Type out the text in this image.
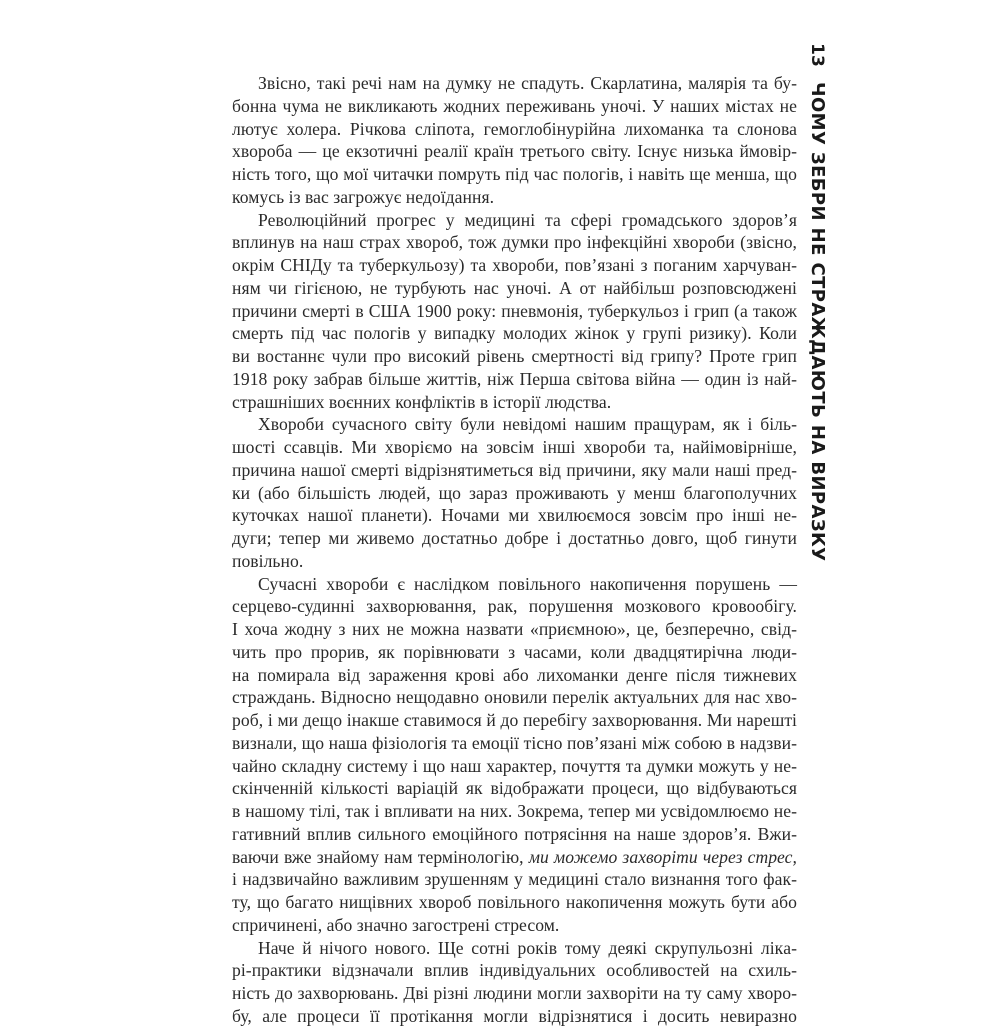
13
ЧОМУ ЗЕБРИ НЕ СТРАЖДАЮТЬ НА ВИРАЗКУ
Звісно, такі речі нам на думку не спадуть. Скарлатина, малярія та бу-
бонна чума не викликають жодних переживань уночі. У наших містах не
лютує холера. Річкова сліпота, гемоглобінурійна лихоманка та слонова
хвороба — це екзотичні реалії країн третього світу. Існує низька ймовір-
ність того, що мої читачки помруть під час пологів, і навіть ще менша, що
комусь із вас загрожує недоїдання.
Революційний прогрес у медицині та сфері громадського здоров’я
вплинув на наш страх хвороб, тож думки про інфекційні хвороби (звісно,
окрім СНІДу та туберкульозу) та хвороби, пов’язані з поганим харчуван-
ням чи гігієною, не турбують нас уночі. А от найбільш розповсюджені
причини смерті в США 1900 року: пневмонія, туберкульоз і грип (а також
смерть під час пологів у випадку молодих жінок у групі ризику). Коли
ви востаннє чули про високий рівень смертності від грипу? Проте грип
1918 року забрав більше життів, ніж Перша світова війна — один із най-
страшніших воєнних конфліктів в історії людства.
Хвороби сучасного світу були невідомі нашим пращурам, як і біль-
шості ссавців. Ми хворіємо на зовсім інші хвороби та, найімовірніше,
причина нашої смерті відрізнятиметься від причини, яку мали наші пред-
ки (або більшість людей, що зараз проживають у менш благополучних
куточках нашої планети). Ночами ми хвилюємося зовсім про інші не-
дуги; тепер ми живемо достатньо добре і достатньо довго, щоб гинути
повільно.
Сучасні хвороби є наслідком повільного накопичення порушень —
серцево-судинні захворювання, рак, порушення мозкового кровообігу.
І хоча жодну з них не можна назвати «приємною», це, безперечно, свід-
чить про прорив, як порівнювати з часами, коли двадцятирічна люди-
на помирала від зараження крові або лихоманки денге після тижневих
страждань. Відносно нещодавно оновили перелік актуальних для нас хво-
роб, і ми дещо інакше ставимося й до перебігу захворювання. Ми нарешті
визнали, що наша фізіологія та емоції тісно пов’язані між собою в надзви-
чайно складну систему і що наш характер, почуття та думки можуть у не-
скінченній кількості варіацій як відображати процеси, що відбуваються
в нашому тілі, так і впливати на них. Зокрема, тепер ми усвідомлюємо не-
гативний вплив сильного емоційного потрясіння на наше здоров’я. Вжи-
ваючи вже знайому нам термінологію, ми можемо захворіти через стрес,
і надзвичайно важливим зрушенням у медицині стало визнання того фак-
ту, що багато нищівних хвороб повільного накопичення можуть бути або
спричинені, або значно загострені стресом.
Наче й нічого нового. Ще сотні років тому деякі скрупульозні лікa-
рі-практики відзначали вплив індивідуальних особливостей на схиль-
ність до захворювань. Дві різні людини могли захворіти на ту саму хворо-
бу, але процеси її протікання могли відрізнятися і досить невиразно
